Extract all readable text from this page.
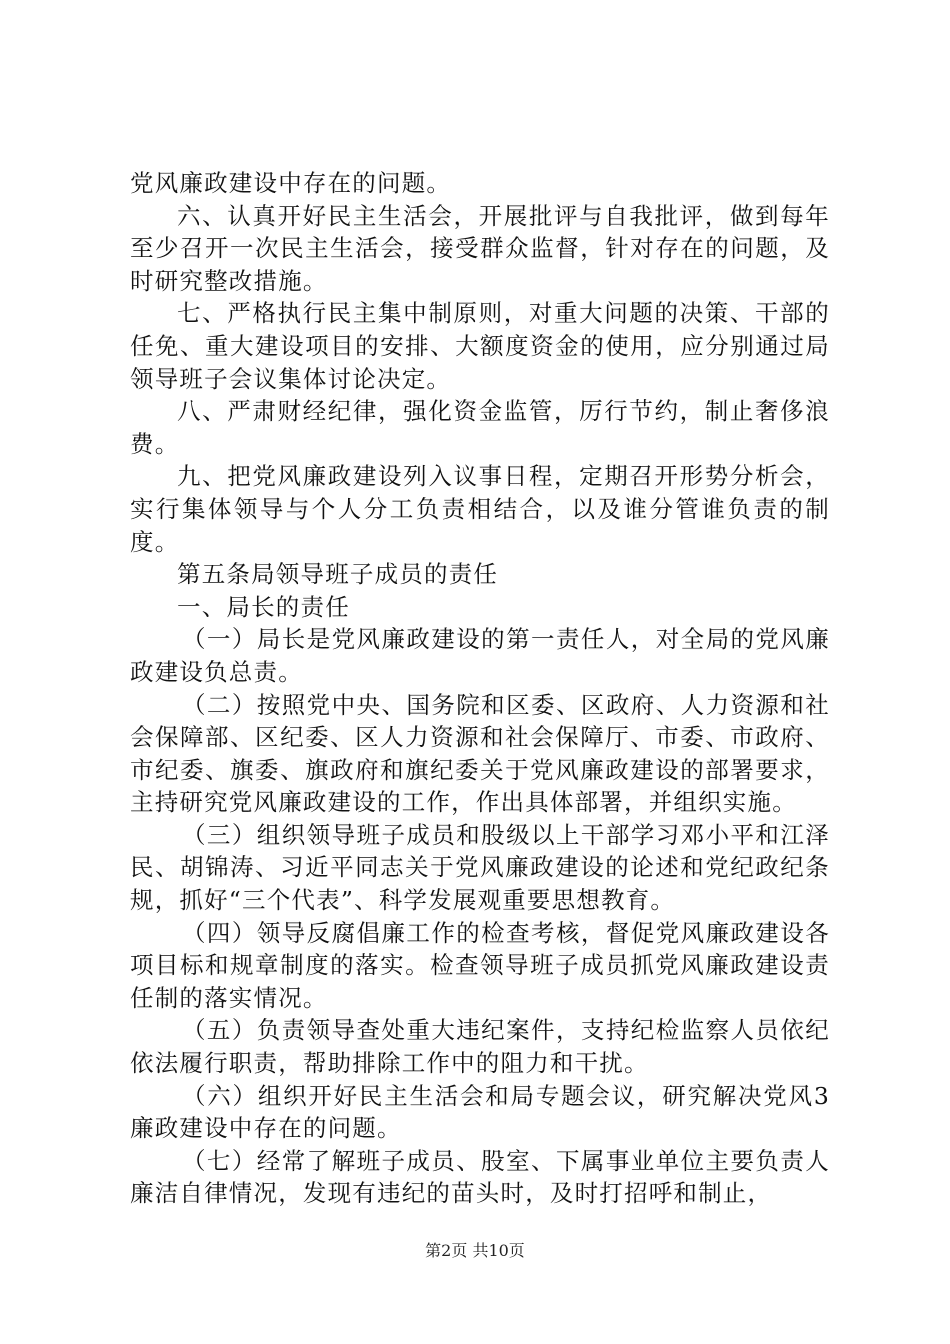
党风廉政建设中存在的问题。

六、认真开好民主生活会，开展批评与自我批评，做到每年至少召开一次民主生活会，接受群众监督，针对存在的问题，及时研究整改措施。

七、严格执行民主集中制原则，对重大问题的决策、干部的任免、重大建设项目的安排、大额度资金的使用，应分别通过局领导班子会议集体讨论决定。

八、严肃财经纪律，强化资金监管，厉行节约，制止奢侈浪费。

九、把党风廉政建设列入议事日程，定期召开形势分析会，实行集体领导与个人分工负责相结合，以及谁分管谁负责的制度。

第五条局领导班子成员的责任

一、局长的责任

（一）局长是党风廉政建设的第一责任人，对全局的党风廉政建设负总责。

（二）按照党中央、国务院和区委、区政府、人力资源和社会保障部、区纪委、区人力资源和社会保障厅、市委、市政府、市纪委、旗委、旗政府和旗纪委关于党风廉政建设的部署要求，主持研究党风廉政建设的工作，作出具体部署，并组织实施。

（三）组织领导班子成员和股级以上干部学习邓小平和江泽民、胡锦涛、习近平同志关于党风廉政建设的论述和党纪政纪条规，抓好“三个代表”、科学发展观重要思想教育。

（四）领导反腐倡廉工作的检查考核，督促党风廉政建设各项目标和规章制度的落实。检查领导班子成员抓党风廉政建设责任制的落实情况。

（五）负责领导查处重大违纪案件，支持纪检监察人员依纪依法履行职责，帮助排除工作中的阻力和干扰。

（六）组织开好民主生活会和局专题会议，研究解决党风3廉政建设中存在的问题。

（七）经常了解班子成员、股室、下属事业单位主要负责人廉洁自律情况，发现有违纪的苗头时，及时打招呼和制止，

第2页 共10页
